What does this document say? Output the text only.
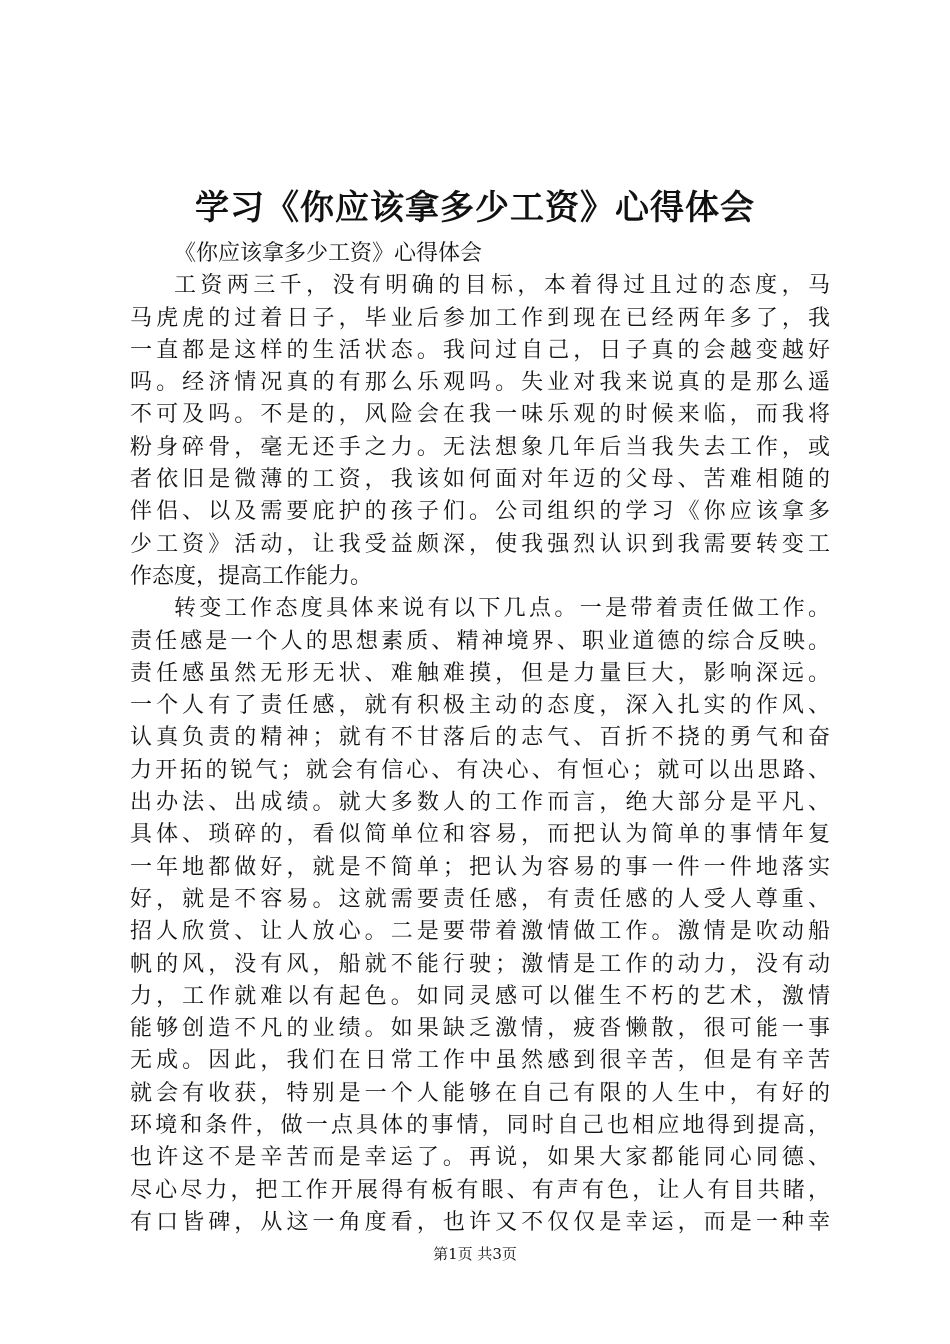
学习《你应该拿多少工资》心得体会
《你应该拿多少工资》心得体会
工资两三千，没有明确的目标，本着得过且过的态度，马
马虎虎的过着日子，毕业后参加工作到现在已经两年多了，我
一直都是这样的生活状态。我问过自己，日子真的会越变越好
吗。经济情况真的有那么乐观吗。失业对我来说真的是那么遥
不可及吗。不是的，风险会在我一味乐观的时候来临，而我将
粉身碎骨，毫无还手之力。无法想象几年后当我失去工作，或
者依旧是微薄的工资，我该如何面对年迈的父母、苦难相随的
伴侣、以及需要庇护的孩子们。公司组织的学习《你应该拿多
少工资》活动，让我受益颇深，使我强烈认识到我需要转变工
作态度，提高工作能力。
转变工作态度具体来说有以下几点。一是带着责任做工作。
责任感是一个人的思想素质、精神境界、职业道德的综合反映。
责任感虽然无形无状、难触难摸，但是力量巨大，影响深远。
一个人有了责任感，就有积极主动的态度，深入扎实的作风、
认真负责的精神；就有不甘落后的志气、百折不挠的勇气和奋
力开拓的锐气；就会有信心、有决心、有恒心；就可以出思路、
出办法、出成绩。就大多数人的工作而言，绝大部分是平凡、
具体、琐碎的，看似简单位和容易，而把认为简单的事情年复
一年地都做好，就是不简单；把认为容易的事一件一件地落实
好，就是不容易。这就需要责任感，有责任感的人受人尊重、
招人欣赏、让人放心。二是要带着激情做工作。激情是吹动船
帆的风，没有风，船就不能行驶；激情是工作的动力，没有动
力，工作就难以有起色。如同灵感可以催生不朽的艺术，激情
能够创造不凡的业绩。如果缺乏激情，疲沓懒散，很可能一事
无成。因此，我们在日常工作中虽然感到很辛苦，但是有辛苦
就会有收获，特别是一个人能够在自己有限的人生中，有好的
环境和条件，做一点具体的事情，同时自己也相应地得到提高，
也许这不是辛苦而是幸运了。再说，如果大家都能同心同德、
尽心尽力，把工作开展得有板有眼、有声有色，让人有目共睹，
有口皆碑，从这一角度看，也许又不仅仅是幸运，而是一种幸
第1页 共3页
